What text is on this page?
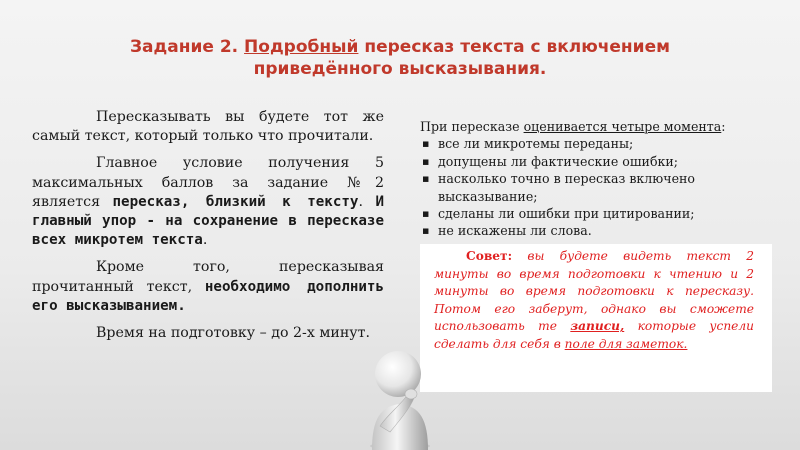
Задание 2. Подробный пересказ текста с включением приведённого высказывания.

Пересказывать вы будете тот же самый текст, который только что прочитали.

Главное условие получения 5 максимальных баллов за задание №2 является пересказ, близкий к тексту. И главный упор - на сохранение в пересказе всех микротем текста.

Кроме того, пересказывая прочитанный текст, необходимо дополнить его высказыванием.

Время на подготовку – до 2-х минут.

При пересказе оценивается четыре момента:
▪ все ли микротемы переданы;
▪ допущены ли фактические ошибки;
▪ насколько точно в пересказ включено высказывание;
▪ сделаны ли ошибки при цитировании;
▪ не искажены ли слова.
Совет: вы будете видеть текст 2 минуты во время подготовки к чтению и 2 минуты во время подготовки к пересказу. Потом его заберут, однако вы сможете использовать те записи, которые успели сделать для себя в поле для заметок.
